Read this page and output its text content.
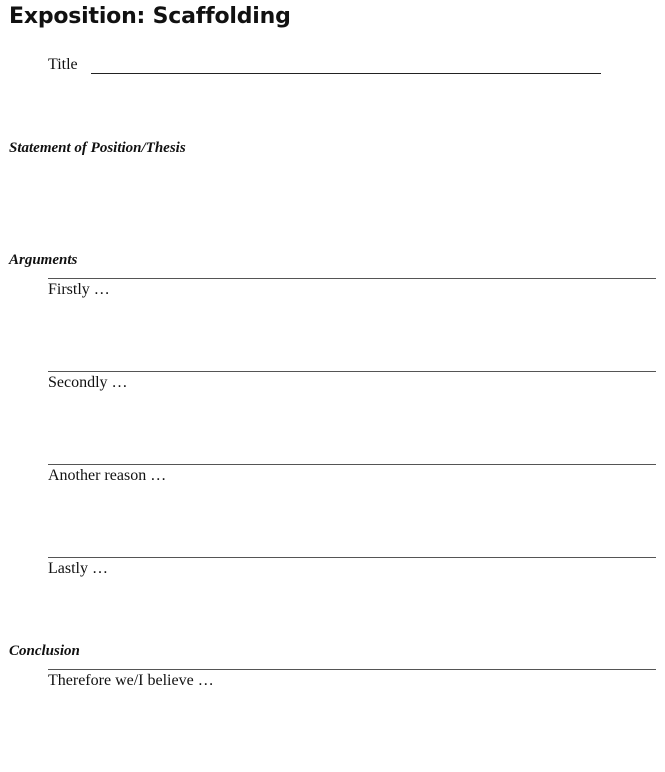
Exposition: Scaffolding
Title
Statement of Position/Thesis
Arguments
Firstly …
Secondly …
Another reason …
Lastly …
Conclusion
Therefore we/I believe …
